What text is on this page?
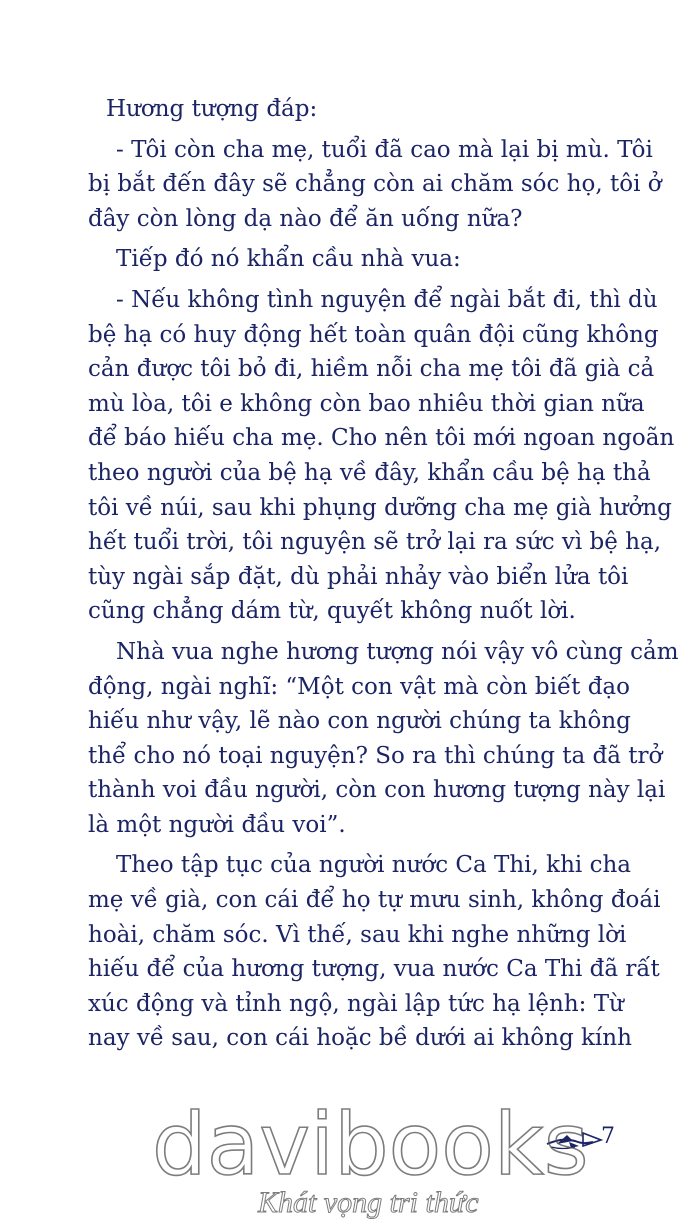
Hương tượng đáp:
- Tôi còn cha mẹ, tuổi đã cao mà lại bị mù. Tôi
bị bắt đến đây sẽ chẳng còn ai chăm sóc họ, tôi ở
đây còn lòng dạ nào để ăn uống nữa?
Tiếp đó nó khẩn cầu nhà vua:
- Nếu không tình nguyện để ngài bắt đi, thì dù
bệ hạ có huy động hết toàn quân đội cũng không
cản được tôi bỏ đi, hiềm nỗi cha mẹ tôi đã già cả
mù lòa, tôi e không còn bao nhiêu thời gian nữa
để báo hiếu cha mẹ. Cho nên tôi mới ngoan ngoãn
theo người của bệ hạ về đây, khẩn cầu bệ hạ thả
tôi về núi, sau khi phụng dưỡng cha mẹ già hưởng
hết tuổi trời, tôi nguyện sẽ trở lại ra sức vì bệ hạ,
tùy ngài sắp đặt, dù phải nhảy vào biển lửa tôi
cũng chẳng dám từ, quyết không nuốt lời.
Nhà vua nghe hương tượng nói vậy vô cùng cảm
động, ngài nghĩ: “Một con vật mà còn biết đạo
hiếu như vậy, lẽ nào con người chúng ta không
thể cho nó toại nguyện? So ra thì chúng ta đã trở
thành voi đầu người, còn con hương tượng này lại
là một người đầu voi”.
Theo tập tục của người nước Ca Thi, khi cha
mẹ về già, con cái để họ tự mưu sinh, không đoái
hoài, chăm sóc. Vì thế, sau khi nghe những lời
hiếu để của hương tượng, vua nước Ca Thi đã rất
xúc động và tỉnh ngộ, ngài lập tức hạ lệnh: Từ
nay về sau, con cái hoặc bề dưới ai không kính
7
davibooks
Khát vọng tri thức
